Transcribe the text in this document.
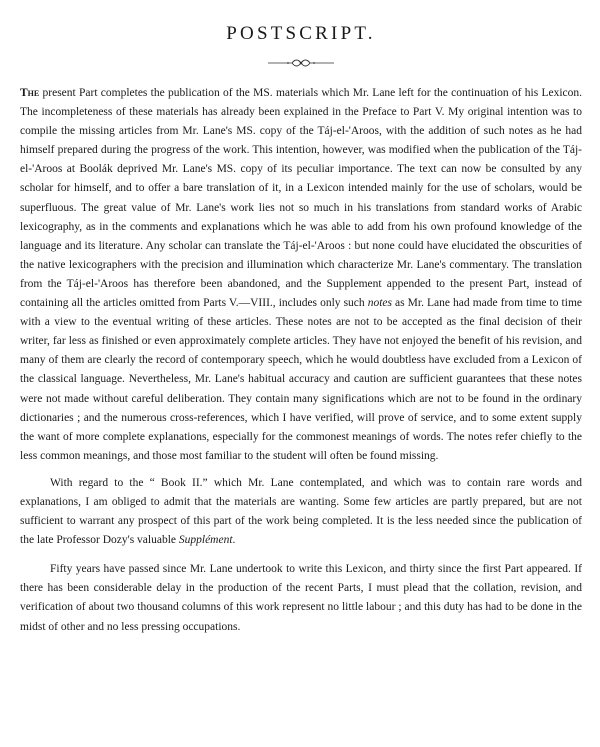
POSTSCRIPT.

The present Part completes the publication of the MS. materials which Mr. Lane left for the continuation of his Lexicon. The incompleteness of these materials has already been explained in the Preface to Part V. My original intention was to compile the missing articles from Mr. Lane's MS. copy of the Táj-el-'Aroos, with the addition of such notes as he had himself prepared during the progress of the work. This intention, however, was modified when the publication of the Táj-el-'Aroos at Boolák deprived Mr. Lane's MS. copy of its peculiar importance. The text can now be consulted by any scholar for himself, and to offer a bare translation of it, in a Lexicon intended mainly for the use of scholars, would be superfluous. The great value of Mr. Lane's work lies not so much in his translations from standard works of Arabic lexicography, as in the comments and explanations which he was able to add from his own profound knowledge of the language and its literature. Any scholar can translate the Táj-el-'Aroos : but none could have elucidated the obscurities of the native lexicographers with the precision and illumination which characterize Mr. Lane's commentary. The translation from the Táj-el-'Aroos has therefore been abandoned, and the Supplement appended to the present Part, instead of containing all the articles omitted from Parts V.—VIII., includes only such notes as Mr. Lane had made from time to time with a view to the eventual writing of these articles. These notes are not to be accepted as the final decision of their writer, far less as finished or even approximately complete articles. They have not enjoyed the benefit of his revision, and many of them are clearly the record of contemporary speech, which he would doubtless have excluded from a Lexicon of the classical language. Nevertheless, Mr. Lane's habitual accuracy and caution are sufficient guarantees that these notes were not made without careful deliberation. They contain many significations which are not to be found in the ordinary dictionaries ; and the numerous cross-references, which I have verified, will prove of service, and to some extent supply the want of more complete explanations, especially for the commonest meanings of words. The notes refer chiefly to the less common meanings, and those most familiar to the student will often be found missing.

With regard to the “ Book II.” which Mr. Lane contemplated, and which was to contain rare words and explanations, I am obliged to admit that the materials are wanting. Some few articles are partly prepared, but are not sufficient to warrant any prospect of this part of the work being completed. It is the less needed since the publication of the late Professor Dozy's valuable Supplément.

Fifty years have passed since Mr. Lane undertook to write this Lexicon, and thirty since the first Part appeared. If there has been considerable delay in the production of the recent Parts, I must plead that the collation, revision, and verification of about two thousand columns of this work represent no little labour ; and this duty has had to be done in the midst of other and no less pressing occupations.
